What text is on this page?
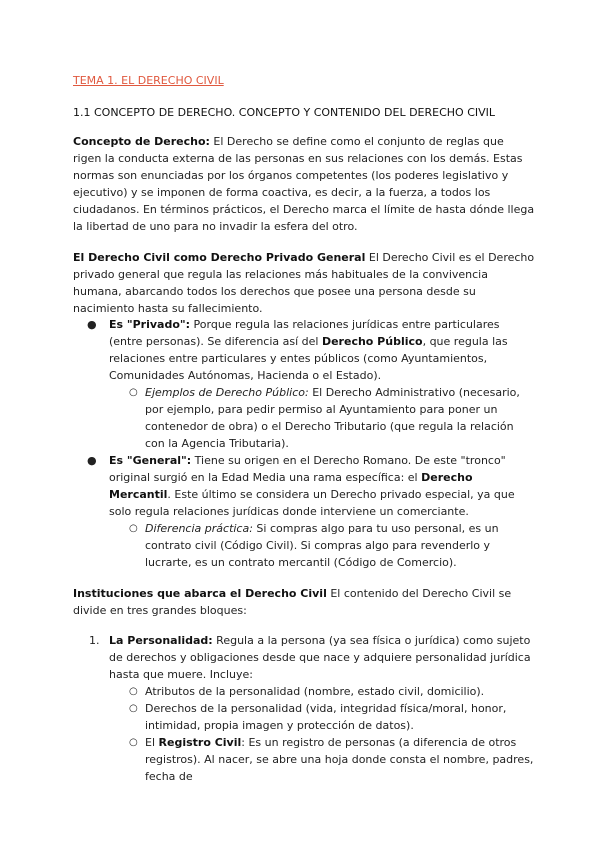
TEMA 1. EL DERECHO CIVIL
1.1 CONCEPTO DE DERECHO. CONCEPTO Y CONTENIDO DEL DERECHO CIVIL

Concepto de Derecho: El Derecho se define como el conjunto de reglas que rigen la conducta externa de las personas en sus relaciones con los demás. Estas normas son enunciadas por los órganos competentes (los poderes legislativo y ejecutivo) y se imponen de forma coactiva, es decir, a la fuerza, a todos los ciudadanos. En términos prácticos, el Derecho marca el límite de hasta dónde llega la libertad de uno para no invadir la esfera del otro.

El Derecho Civil como Derecho Privado General El Derecho Civil es el Derecho privado general que regula las relaciones más habituales de la convivencia humana, abarcando todos los derechos que posee una persona desde su nacimiento hasta su fallecimiento.

● Es "Privado": Porque regula las relaciones jurídicas entre particulares (entre personas). Se diferencia así del Derecho Público, que regula las relaciones entre particulares y entes públicos (como Ayuntamientos, Comunidades Autónomas, Hacienda o el Estado).
○ Ejemplos de Derecho Público: El Derecho Administrativo (necesario, por ejemplo, para pedir permiso al Ayuntamiento para poner un contenedor de obra) o el Derecho Tributario (que regula la relación con la Agencia Tributaria).
● Es "General": Tiene su origen en el Derecho Romano. De este "tronco" original surgió en la Edad Media una rama específica: el Derecho Mercantil. Este último se considera un Derecho privado especial, ya que solo regula relaciones jurídicas donde interviene un comerciante.
○ Diferencia práctica: Si compras algo para tu uso personal, es un contrato civil (Código Civil). Si compras algo para revenderlo y lucrarte, es un contrato mercantil (Código de Comercio).

Instituciones que abarca el Derecho Civil El contenido del Derecho Civil se divide en tres grandes bloques:

1. La Personalidad: Regula a la persona (ya sea física o jurídica) como sujeto de derechos y obligaciones desde que nace y adquiere personalidad jurídica hasta que muere. Incluye:
○ Atributos de la personalidad (nombre, estado civil, domicilio).
○ Derechos de la personalidad (vida, integridad física/moral, honor, intimidad, propia imagen y protección de datos).
○ El Registro Civil: Es un registro de personas (a diferencia de otros registros). Al nacer, se abre una hoja donde consta el nombre, padres, fecha de
